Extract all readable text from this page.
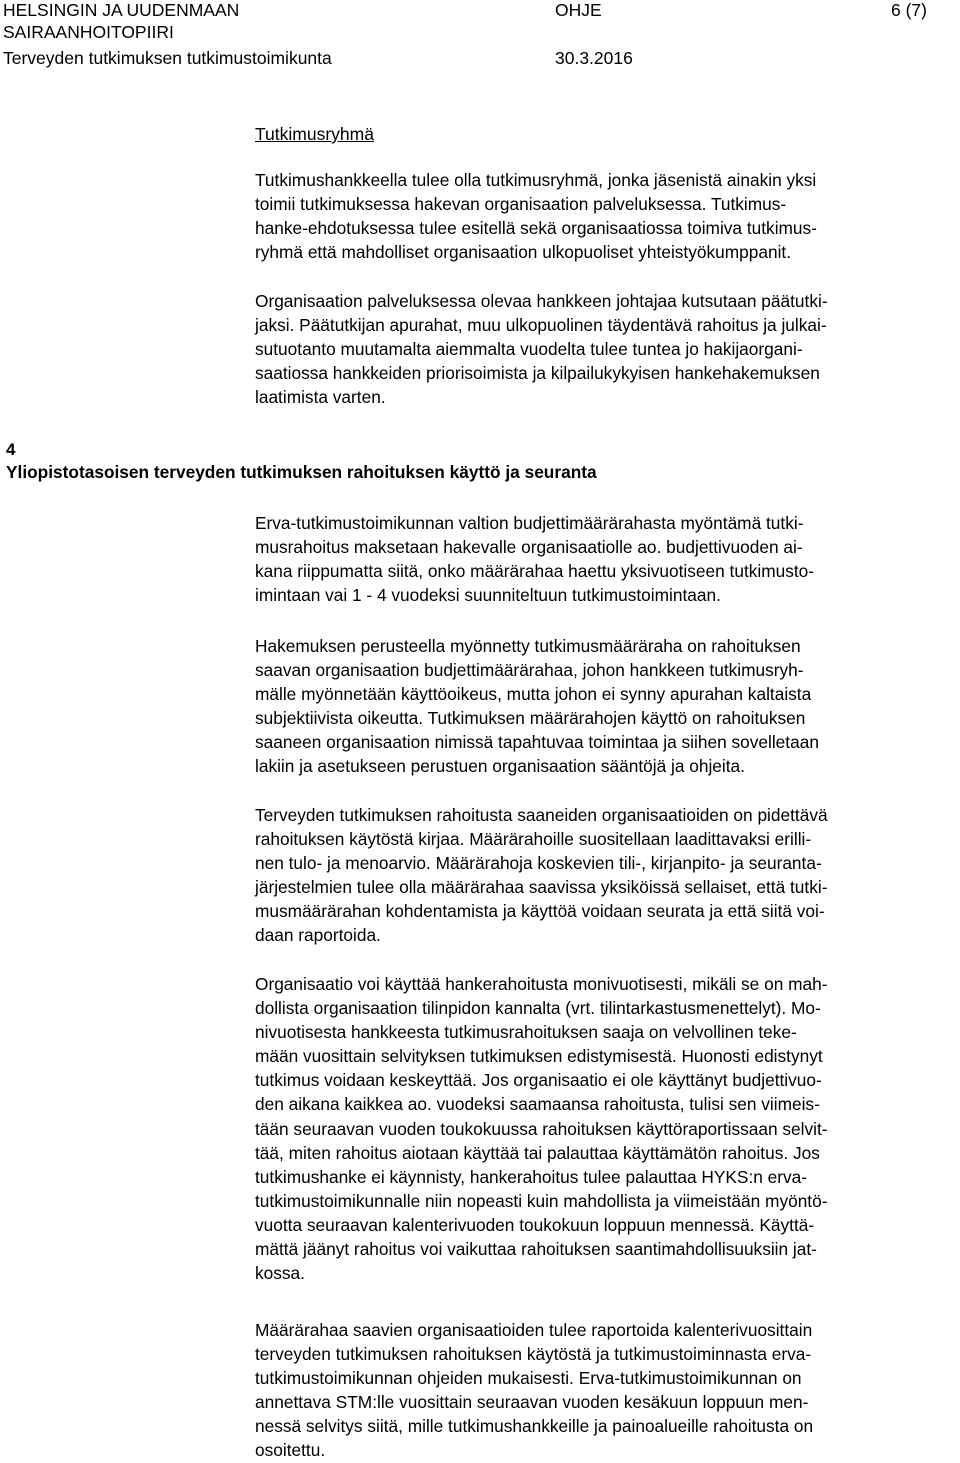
HELSINGIN JA UUDENMAAN
SAIRAANHOITOPIIRI
OHJE	6 (7)
Terveyden tutkimuksen tutkimustoimikunta	30.3.2016
Tutkimusryhmä
Tutkimushankkeella tulee olla tutkimusryhmä, jonka jäsenistä ainakin yksi
toimii tutkimuksessa hakevan organisaation palveluksessa. Tutkimus-
hanke-ehdotuksessa tulee esitellä sekä organisaatiossa toimiva tutkimus-
ryhmä että mahdolliset organisaation ulkopuoliset yhteistyökumppanit.
Organisaation palveluksessa olevaa hankkeen johtajaa kutsutaan päätutki-
jaksi. Päätutkijan apurahat, muu ulkopuolinen täydentävä rahoitus ja julkai-
sutuotanto muutamalta aiemmalta vuodelta tulee tuntea jo hakijaorgani-
saatiossa hankkeiden priorisoimista ja kilpailukykyisen hankehakemuksen
laatimista varten.
4
Yliopistotasoisen terveyden tutkimuksen rahoituksen käyttö ja seuranta
Erva-tutkimustoimikunnan valtion budjettimäärärahasta myöntämä tutki-
musrahoitus maksetaan hakevalle organisaatiolle ao. budjettivuoden ai-
kana riippumatta siitä, onko määrärahaa haettu yksivuotiseen tutkimusto-
imintaan vai 1 - 4 vuodeksi suunniteltuun tutkimustoimintaan.
Hakemuksen perusteella myönnetty tutkimusmääräraha on rahoituksen
saavan organisaation budjettimäärärahaa, johon hankkeen tutkimusryh-
mälle myönnetään käyttöoikeus, mutta johon ei synny apurahan kaltaista
subjektiivista oikeutta. Tutkimuksen määrärahojen käyttö on rahoituksen
saaneen organisaation nimissä tapahtuvaa toimintaa ja siihen sovelletaan
lakiin ja asetukseen perustuen organisaation sääntöjä ja ohjeita.
Terveyden tutkimuksen rahoitusta saaneiden organisaatioiden on pidettävä
rahoituksen käytöstä kirjaa. Määrärahoille suositellaan laadittavaksi erilli-
nen tulo- ja menoarvio. Määrärahoja koskevien tili-, kirjanpito- ja seuranta-
järjestelmien tulee olla määrärahaa saavissa yksiköissä sellaiset, että tutki-
musmäärärahan kohdentamista ja käyttöä voidaan seurata ja että siitä voi-
daan raportoida.
Organisaatio voi käyttää hankerahoitusta monivuotisesti, mikäli se on mah-
dollista organisaation tilinpidon kannalta (vrt. tilintarkastusmenettelyt). Mo-
nivuotisesta hankkeesta tutkimusrahoituksen saaja on velvollinen teke-
mään vuosittain selvityksen tutkimuksen edistymisestä. Huonosti edistynyt
tutkimus voidaan keskeyttää. Jos organisaatio ei ole käyttänyt budjettivuo-
den aikana kaikkea ao. vuodeksi saamaansa rahoitusta, tulisi sen viimeis-
tään seuraavan vuoden toukokuussa rahoituksen käyttöraportissaan selvit-
tää, miten rahoitus aiotaan käyttää tai palauttaa käyttämätön rahoitus. Jos
tutkimushanke ei käynnisty, hankerahoitus tulee palauttaa HYKS:n erva-
tutkimustoimikunnalle niin nopeasti kuin mahdollista ja viimeistään myöntö-
vuotta seuraavan kalenterivuoden toukokuun loppuun mennessä. Käyttä-
mättä jäänyt rahoitus voi vaikuttaa rahoituksen saantimahdollisuuksiin jat-
kossa.
Määrärahaa saavien organisaatioiden tulee raportoida kalenterivuosittain
terveyden tutkimuksen rahoituksen käytöstä ja tutkimustoiminnasta erva-
tutkimustoimikunnan ohjeiden mukaisesti. Erva-tutkimustoimikunnan on
annettava STM:lle vuosittain seuraavan vuoden kesäkuun loppuun men-
nessä selvitys siitä, mille tutkimushankkeille ja painoalueille rahoitusta on
osoitettu.
